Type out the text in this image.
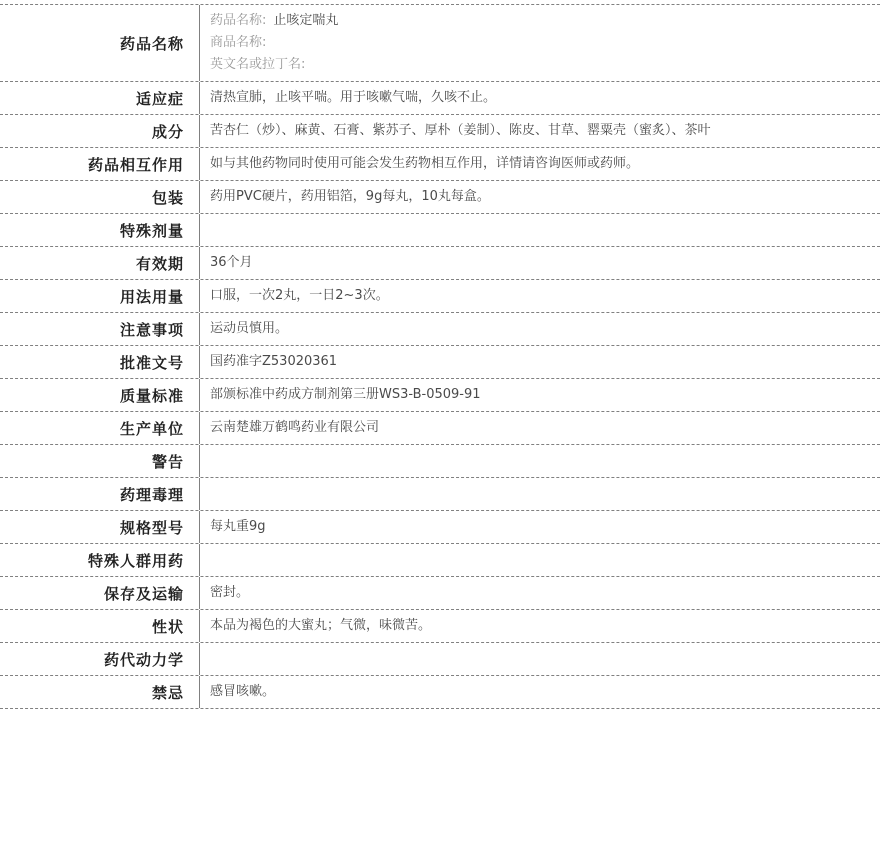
药品名称
药品名称: 止咳定喘丸
商品名称:
英文名或拉丁名:
适应症	清热宣肺，止咳平喘。用于咳嗽气喘，久咳不止。
成分	苦杏仁（炒）、麻黄、石膏、紫苏子、厚朴（姜制）、陈皮、甘草、罂粟壳（蜜炙）、茶叶
药品相互作用	如与其他药物同时使用可能会发生药物相互作用，详情请咨询医师或药师。
包装	药用PVC硬片，药用铝箔，9g每丸，10丸每盒。
特殊剂量
有效期	36个月
用法用量	口服，一次2丸，一日2~3次。
注意事项	运动员慎用。
批准文号	国药准字Z53020361
质量标准	部颁标准中药成方制剂第三册WS3-B-0509-91
生产单位	云南楚雄万鹤鸣药业有限公司
警告
药理毒理
规格型号	每丸重9g
特殊人群用药
保存及运输	密封。
性状	本品为褐色的大蜜丸；气微，味微苦。
药代动力学
禁忌	感冒咳嗽。
